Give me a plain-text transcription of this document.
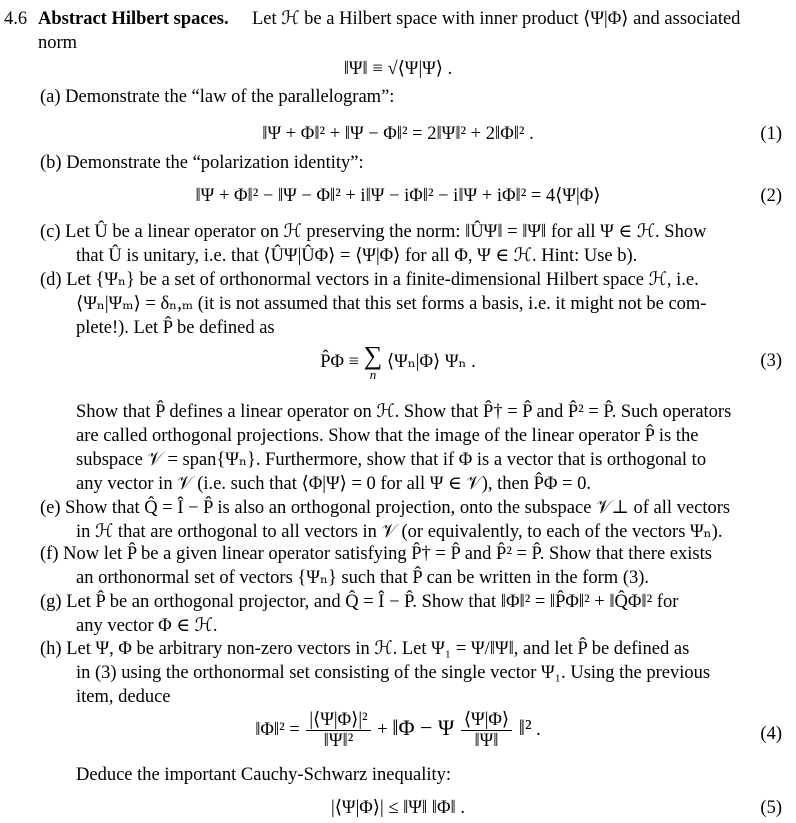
4.6 Abstract Hilbert spaces. Let ℋ be a Hilbert space with inner product ⟨Ψ|Φ⟩ and associated
norm
‖Ψ‖ ≡ √⟨Ψ|Ψ⟩ .
(a) Demonstrate the “law of the parallelogram”:
‖Ψ + Φ‖² + ‖Ψ − Φ‖² = 2‖Ψ‖² + 2‖Φ‖² .	(1)
(b) Demonstrate the “polarization identity”:
‖Ψ + Φ‖² − ‖Ψ − Φ‖² + i‖Ψ − iΦ‖² − i‖Ψ + iΦ‖² = 4⟨Ψ|Φ⟩	(2)
(c) Let Û be a linear operator on ℋ preserving the norm: ‖ÛΨ‖ = ‖Ψ‖ for all Ψ ∈ ℋ. Show
that Û is unitary, i.e. that ⟨ÛΨ|ÛΦ⟩ = ⟨Ψ|Φ⟩ for all Φ, Ψ ∈ ℋ. Hint: Use b).
(d) Let {Ψₙ} be a set of orthonormal vectors in a finite-dimensional Hilbert space ℋ, i.e.
⟨Ψₙ|Ψₘ⟩ = δₙ,ₘ (it is not assumed that this set forms a basis, i.e. it might not be com-
plete!). Let P̂ be defined as
P̂Φ ≡ ∑
n
⟨Ψₙ|Φ⟩ Ψₙ .	(3)
Show that P̂ defines a linear operator on ℋ. Show that P̂† = P̂ and P̂² = P̂. Such operators
are called orthogonal projections. Show that the image of the linear operator P̂ is the
subspace 𝒱 = span{Ψₙ}. Furthermore, show that if Φ is a vector that is orthogonal to
any vector in 𝒱 (i.e. such that ⟨Φ|Ψ⟩ = 0 for all Ψ ∈ 𝒱), then P̂Φ = 0.
(e) Show that Q̂ = Î − P̂ is also an orthogonal projection, onto the subspace 𝒱⊥ of all vectors
in ℋ that are orthogonal to all vectors in 𝒱 (or equivalently, to each of the vectors Ψₙ).
(f) Now let P̂ be a given linear operator satisfying P̂† = P̂ and P̂² = P̂. Show that there exists
an orthonormal set of vectors {Ψₙ} such that P̂ can be written in the form (3).
(g) Let P̂ be an orthogonal projector, and Q̂ = Î − P̂. Show that ‖Φ‖² = ‖P̂Φ‖² + ‖Q̂Φ‖² for
any vector Φ ∈ ℋ.
(h) Let Ψ, Φ be arbitrary non-zero vectors in ℋ. Let Ψ₁ = Ψ/‖Ψ‖, and let P̂ be defined as
in (3) using the orthonormal set consisting of the single vector Ψ₁. Using the previous
item, deduce
‖Φ‖² = $\frac{\text{|⟨Ψ|Φ⟩|²}}{\text{‖Ψ‖²}}$ + ‖Φ − Ψ $\frac{⟨\Psi|\Phi⟩}{‖\Psi‖}$ ‖² .	(4)
Deduce the important Cauchy-Schwarz inequality:
|⟨Ψ|Φ⟩| ≤ ‖Ψ‖ ‖Φ‖ .	(5)
